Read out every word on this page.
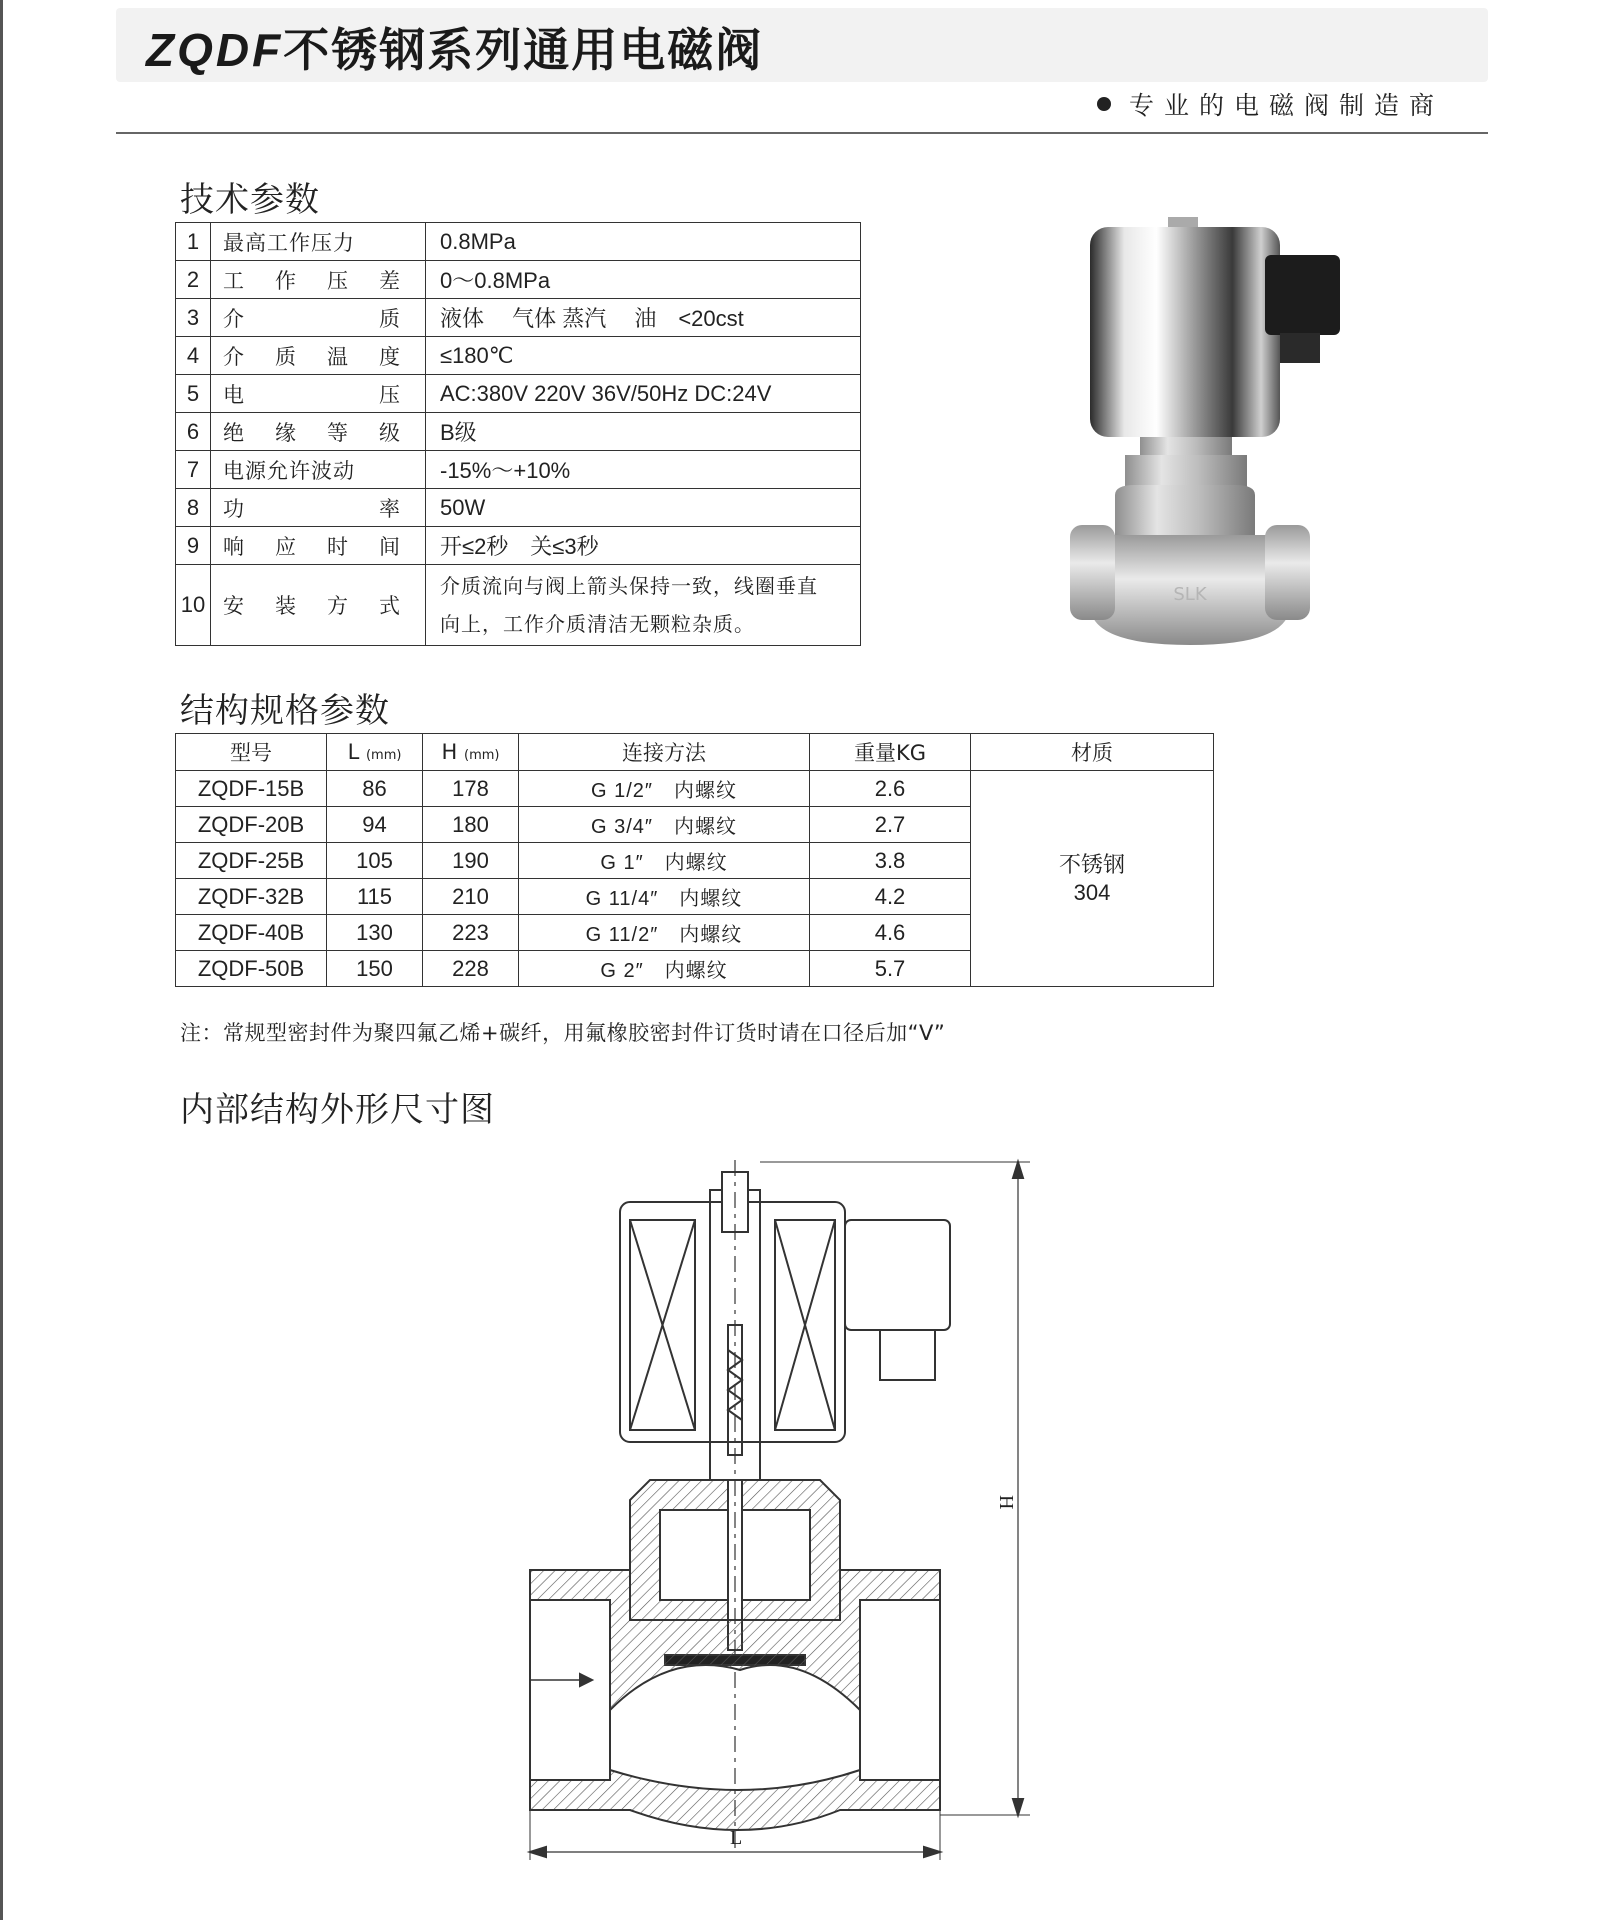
ZQDF不锈钢系列通用电磁阀
专业的电磁阀制造商
技术参数
1	最高工作压力	0.8MPa
2	工作压差	0～0.8MPa
3	介质	液体　 气体 蒸汽　 油　<20cst
4	介质温度	≤180℃
5	电压	AC:380V 220V 36V/50Hz DC:24V
6	绝缘等级	B级
7	电源允许波动	-15%～+10%
8	功率	50W
9	响应时间	开≤2秒　关≤3秒
10	安装方式	介质流向与阀上箭头保持一致，线圈垂直
向上，工作介质清洁无颗粒杂质。
SLK
结构规格参数
型号	L (mm)	H (mm)	连接方法	重量KG	材质
ZQDF-15B	86	178	G 1/2″　内螺纹	2.6	不锈钢
304

ZQDF-20B	94	180	G 3/4″　内螺纹	2.7	
ZQDF-25B	105	190	G 1″　内螺纹	3.8	
ZQDF-32B	115	210	G 11/4″　内螺纹	4.2	
ZQDF-40B	130	223	G 11/2″　内螺纹	4.6	
ZQDF-50B	150	228	G 2″　内螺纹	5.7	
注：常规型密封件为聚四氟乙烯+碳纤，用氟橡胶密封件订货时请在口径后加“V”
内部结构外形尺寸图
H
L
